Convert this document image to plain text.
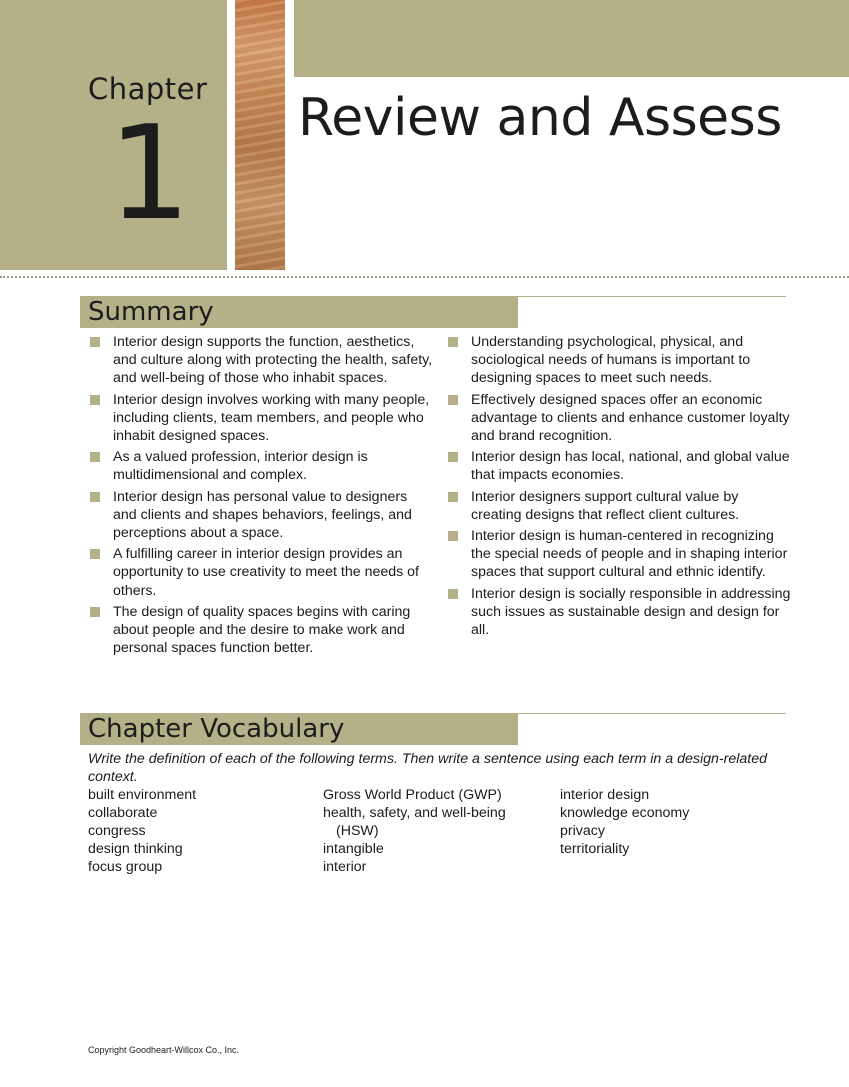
Chapter
1 Review and Assess
Summary
Interior design supports the function, aesthetics, and culture along with protecting the health, safety, and well-being of those who inhabit spaces.
Interior design involves working with many people, including clients, team members, and people who inhabit designed spaces.
As a valued profession, interior design is multidimensional and complex.
Interior design has personal value to designers and clients and shapes behaviors, feelings, and perceptions about a space.
A fulfilling career in interior design provides an opportunity to use creativity to meet the needs of others.
The design of quality spaces begins with caring about people and the desire to make work and personal spaces function better.
Understanding psychological, physical, and sociological needs of humans is important to designing spaces to meet such needs.
Effectively designed spaces offer an economic advantage to clients and enhance customer loyalty and brand recognition.
Interior design has local, national, and global value that impacts economies.
Interior designers support cultural value by creating designs that reflect client cultures.
Interior design is human-centered in recognizing the special needs of people and in shaping interior spaces that support cultural and ethnic identify.
Interior design is socially responsible in addressing such issues as sustainable design and design for all.
Chapter Vocabulary

Write the definition of each of the following terms. Then write a sentence using each term in a design-related context.

built environment
collaborate
congress
design thinking
focus group
Gross World Product (GWP)
health, safety, and well-being
(HSW)
intangible
interior
interior design
knowledge economy
privacy
territoriality
Copyright Goodheart-Willcox Co., Inc.
